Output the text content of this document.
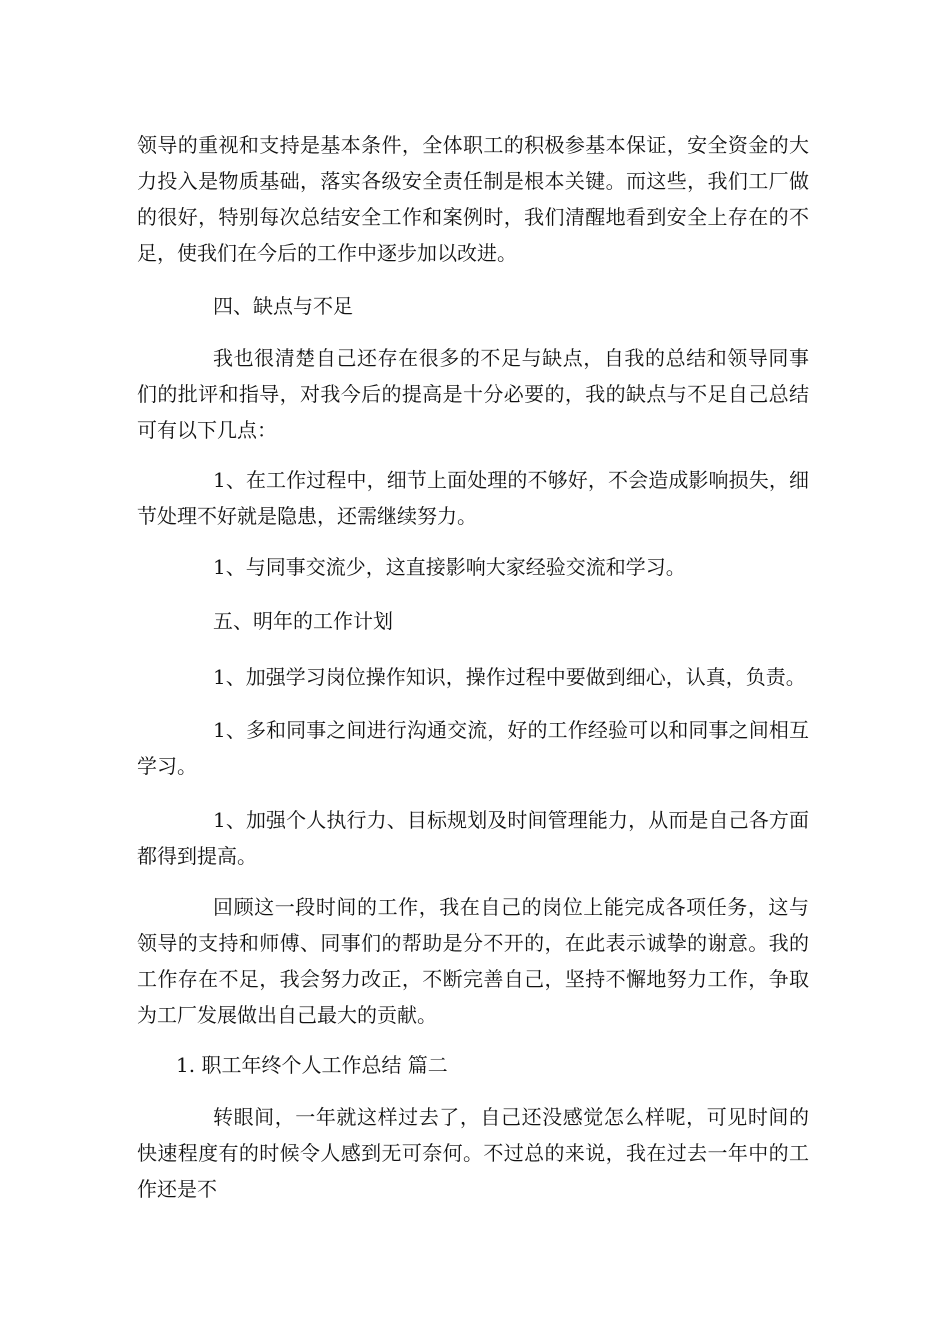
领导的重视和支持是基本条件，全体职工的积极参基本保证，安全资金的大力投入是物质基础，落实各级安全责任制是根本关键。而这些，我们工厂做的很好，特别每次总结安全工作和案例时，我们清醒地看到安全上存在的不足，使我们在今后的工作中逐步加以改进。

四、缺点与不足

我也很清楚自己还存在很多的不足与缺点，自我的总结和领导同事们的批评和指导，对我今后的提高是十分必要的，我的缺点与不足自己总结可有以下几点：

1、在工作过程中，细节上面处理的不够好，不会造成影响损失，细节处理不好就是隐患，还需继续努力。

1、与同事交流少，这直接影响大家经验交流和学习。

五、明年的工作计划

1、加强学习岗位操作知识，操作过程中要做到细心，认真，负责。

1、多和同事之间进行沟通交流，好的工作经验可以和同事之间相互学习。

1、加强个人执行力、目标规划及时间管理能力，从而是自己各方面都得到提高。

回顾这一段时间的工作，我在自己的岗位上能完成各项任务，这与领导的支持和师傅、同事们的帮助是分不开的，在此表示诚挚的谢意。我的工作存在不足，我会努力改正，不断完善自己，坚持不懈地努力工作，争取为工厂发展做出自己最大的贡献。

1. 职工年终个人工作总结 篇二

转眼间，一年就这样过去了，自己还没感觉怎么样呢，可见时间的快速程度有的时候令人感到无可奈何。不过总的来说，我在过去一年中的工作还是不
